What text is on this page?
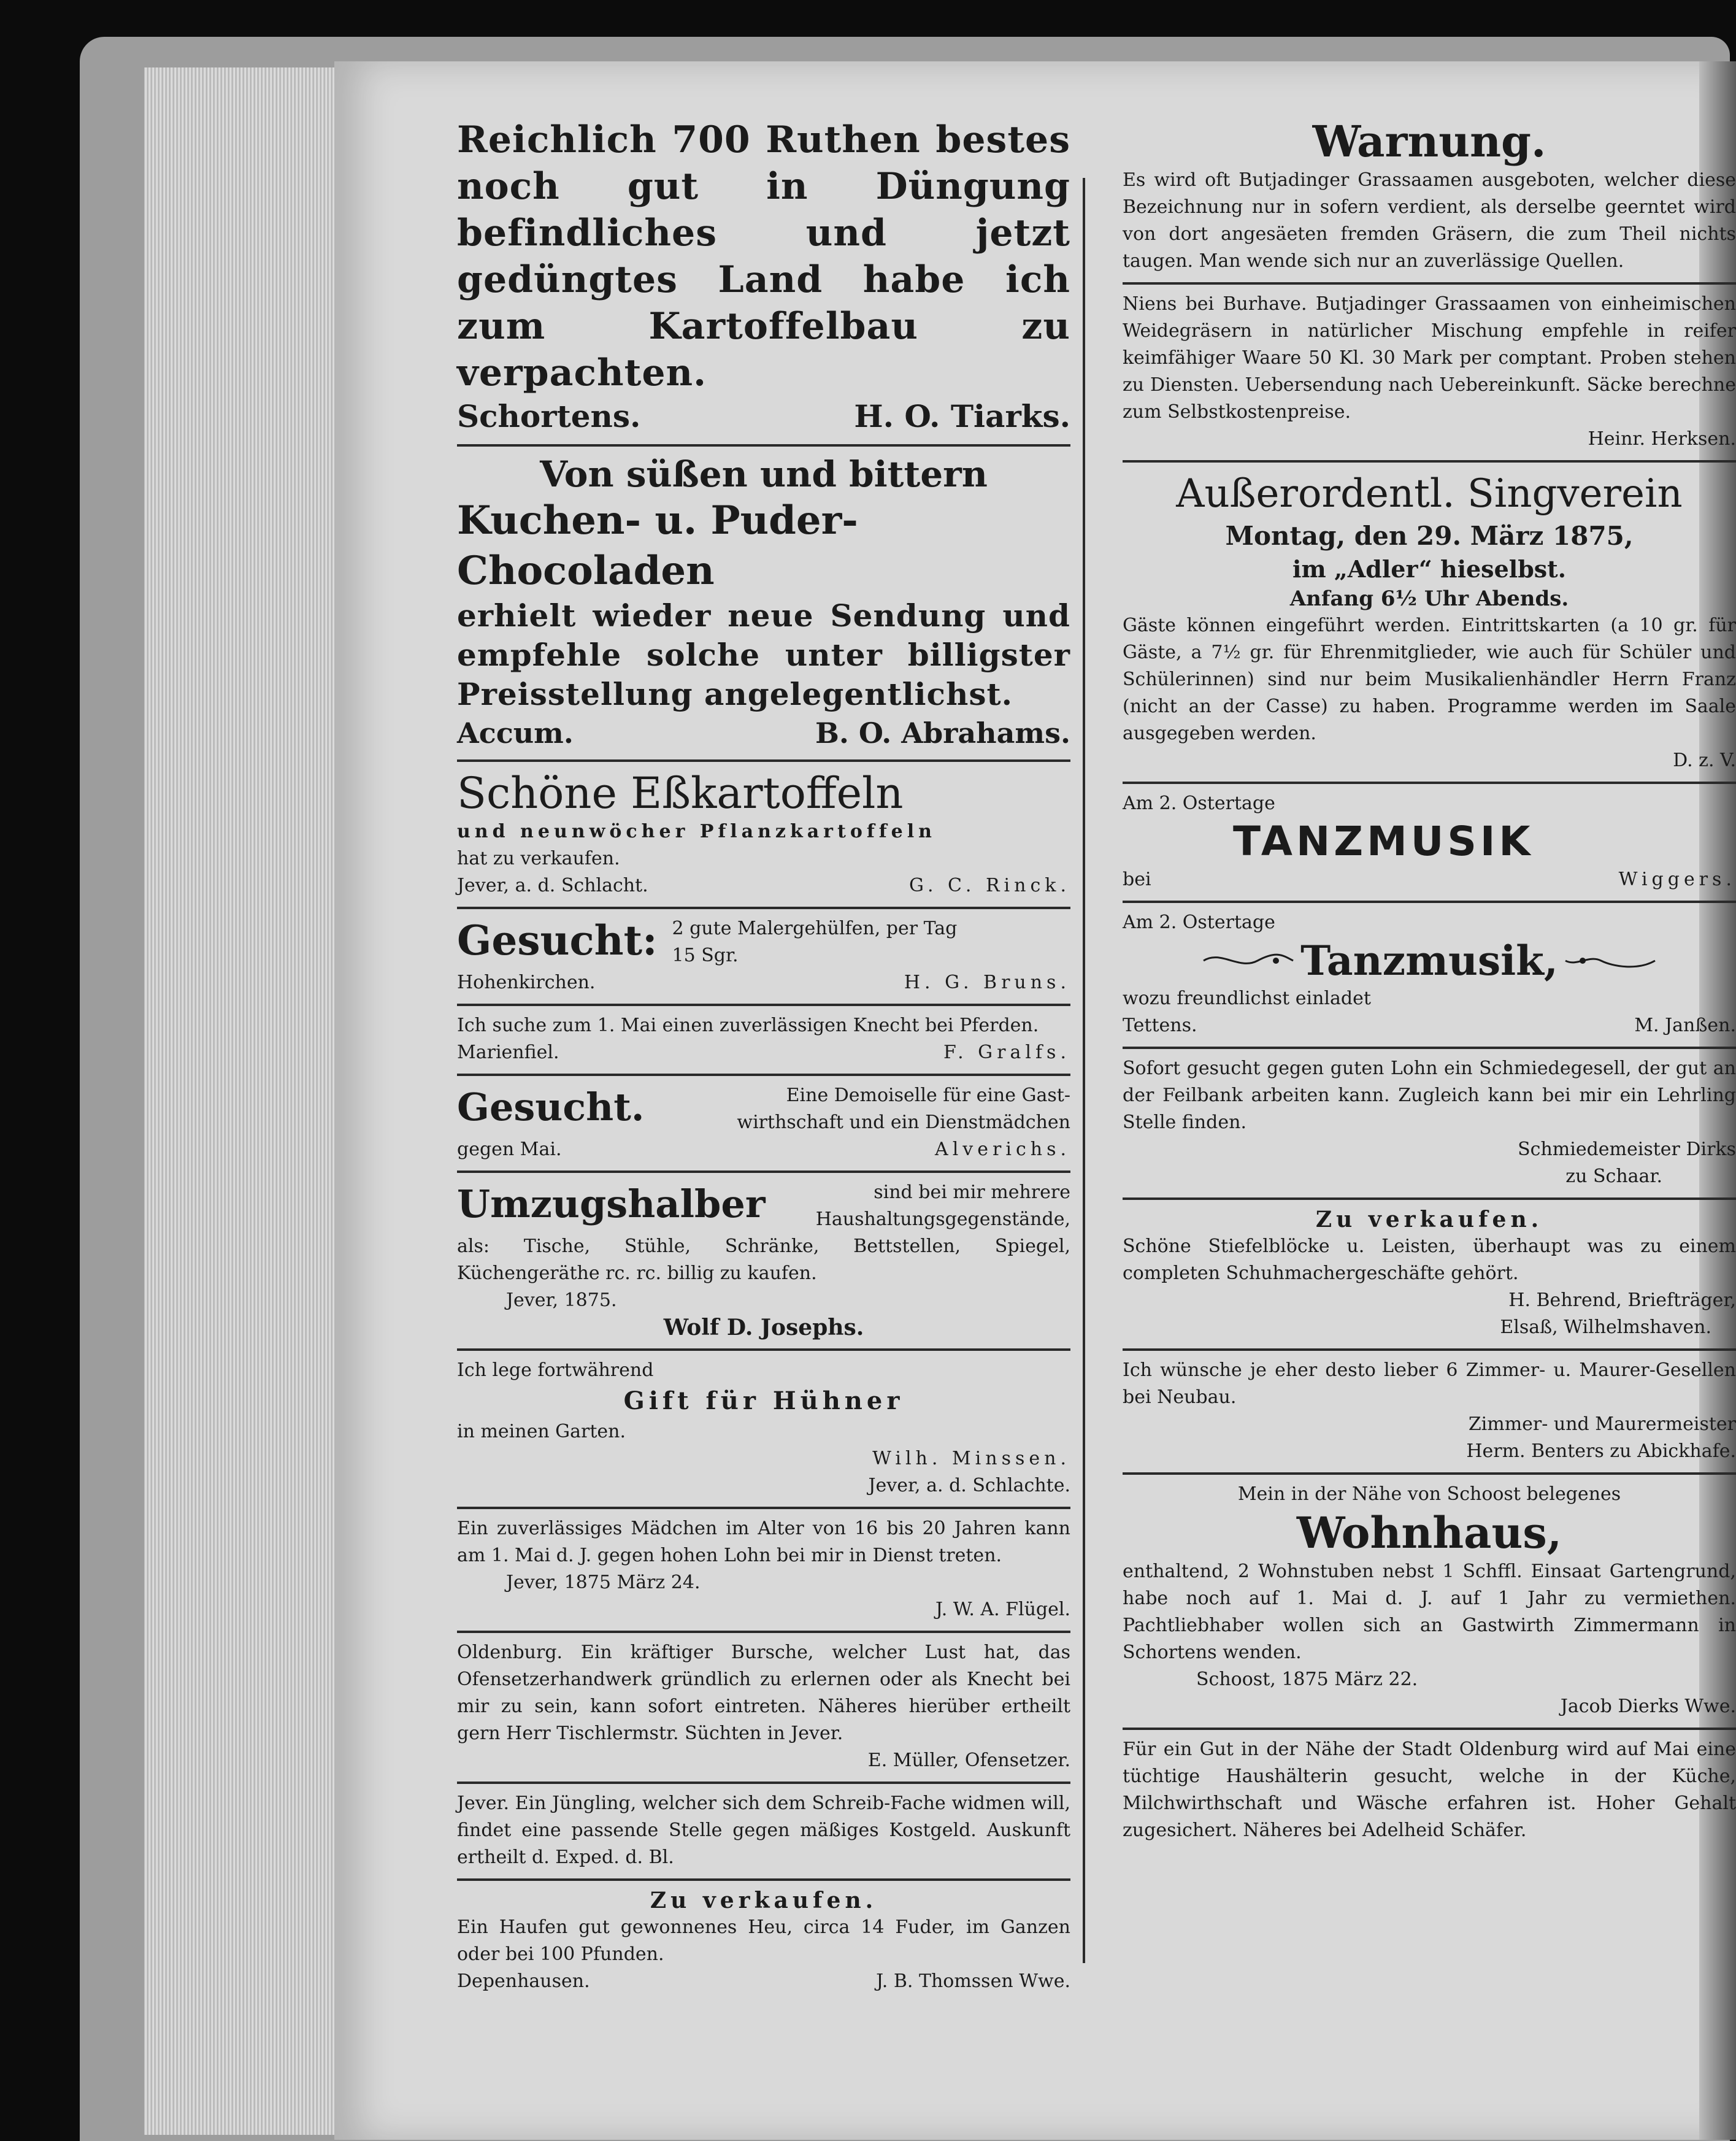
Reichlich 700 Ruthen bestes noch gut in Düngung befindliches und jetzt gedüngtes Land habe ich zum Kartoffelbau zu verpachten.

Schortens.	H. O. Tiarks.

Von süßen und bittern

Kuchen- u. Puder-Chocoladen

erhielt wieder neue Sendung und empfehle solche unter billigster Preisstellung angelegentlichst.

Accum.	B. O. Abrahams.

Schöne Eßkartoffeln

und neunwöcher Pflanzkartoffeln

hat zu verkaufen.

Jever, a. d. Schlacht.	G. C. Rinck.
Gesucht: 2 gute Malergehülfen, per Tag

15 Sgr.

Hohenkirchen.	H. G. Bruns.

Ich suche zum 1. Mai einen zuverlässigen Knecht bei Pferden.

Marienfiel.	F. Gralfs.
Gesucht.	Eine Demoiselle für eine Gast-

wirthschaft und ein Dienstmädchen

gegen Mai.	Alverichs.
Umzugshalber	sind bei mir mehrere

Haushaltungsgegenstände,

als: Tische, Stühle, Schränke, Bettstellen, Spiegel, Küchengeräthe rc. rc. billig zu kaufen.

Jever, 1875.

Wolf D. Josephs.

Ich lege fortwährend

Gift für Hühner

in meinen Garten.

Wilh. Minssen.

Jever, a. d. Schlachte.

Ein zuverlässiges Mädchen im Alter von 16 bis 20 Jahren kann am 1. Mai d. J. gegen hohen Lohn bei mir in Dienst treten.

Jever, 1875 März 24.

J. W. A. Flügel.

Oldenburg. Ein kräftiger Bursche, welcher Lust hat, das Ofensetzerhandwerk gründlich zu erlernen oder als Knecht bei mir zu sein, kann sofort eintreten. Näheres hierüber ertheilt gern Herr Tischlermstr. Süchten in Jever.

E. Müller, Ofensetzer.

Jever. Ein Jüngling, welcher sich dem Schreib-Fache widmen will, findet eine passende Stelle gegen mäßiges Kostgeld. Auskunft ertheilt d. Exped. d. Bl.

Zu verkaufen.

Ein Haufen gut gewonnenes Heu, circa 14 Fuder, im Ganzen oder bei 100 Pfunden.

Depenhausen.	J. B. Thomssen Wwe.

Warnung.

Es wird oft Butjadinger Grassaamen ausgeboten, welcher diese Bezeichnung nur in sofern verdient, als derselbe geerntet wird von dort angesäeten fremden Gräsern, die zum Theil nichts taugen. Man wende sich nur an zuverlässige Quellen.

Niens bei Burhave. Butjadinger Grassaamen von einheimischen Weidegräsern in natürlicher Mischung empfehle in reifer keimfähiger Waare 50 Kl. 30 Mark per comptant. Proben stehen zu Diensten. Uebersendung nach Uebereinkunft. Säcke berechne zum Selbstkostenpreise.

Heinr. Herksen.

Außerordentl. Singverein

Montag, den 29. März 1875,

im „Adler“ hieselbst.

Anfang 6½ Uhr Abends.

Gäste können eingeführt werden. Eintrittskarten (a 10 gr. für Gäste, a 7½ gr. für Ehrenmitglieder, wie auch für Schüler und Schülerinnen) sind nur beim Musikalienhändler Herrn Franz (nicht an der Casse) zu haben. Programme werden im Saale ausgegeben werden.

D. z. V.

Am 2. Ostertage

TANZMUSIK

bei	Wiggers.

Am 2. Ostertage

Tanzmusik,

wozu freundlichst einladet

Tettens.	M. Janßen.

Sofort gesucht gegen guten Lohn ein Schmiedegesell, der gut an der Feilbank arbeiten kann. Zugleich kann bei mir ein Lehrling Stelle finden.

Schmiedemeister Dirks

zu Schaar.

Zu verkaufen.

Schöne Stiefelblöcke u. Leisten, überhaupt was zu einem completen Schuhmachergeschäfte gehört.

H. Behrend, Briefträger,

Elsaß, Wilhelmshaven.

Ich wünsche je eher desto lieber 6 Zimmer- u. Maurer-Gesellen bei Neubau.

Zimmer- und Maurermeister

Herm. Benters zu Abickhafe.

Mein in der Nähe von Schoost belegenes

Wohnhaus,

enthaltend, 2 Wohnstuben nebst 1 Schffl. Einsaat Gartengrund, habe noch auf 1. Mai d. J. auf 1 Jahr zu vermiethen. Pachtliebhaber wollen sich an Gastwirth Zimmermann in Schortens wenden.

Schoost, 1875 März 22.

Jacob Dierks Wwe.

Für ein Gut in der Nähe der Stadt Oldenburg wird auf Mai eine tüchtige Haushälterin gesucht, welche in der Küche, Milchwirthschaft und Wäsche erfahren ist. Hoher Gehalt zugesichert. Näheres bei Adelheid Schäfer.
